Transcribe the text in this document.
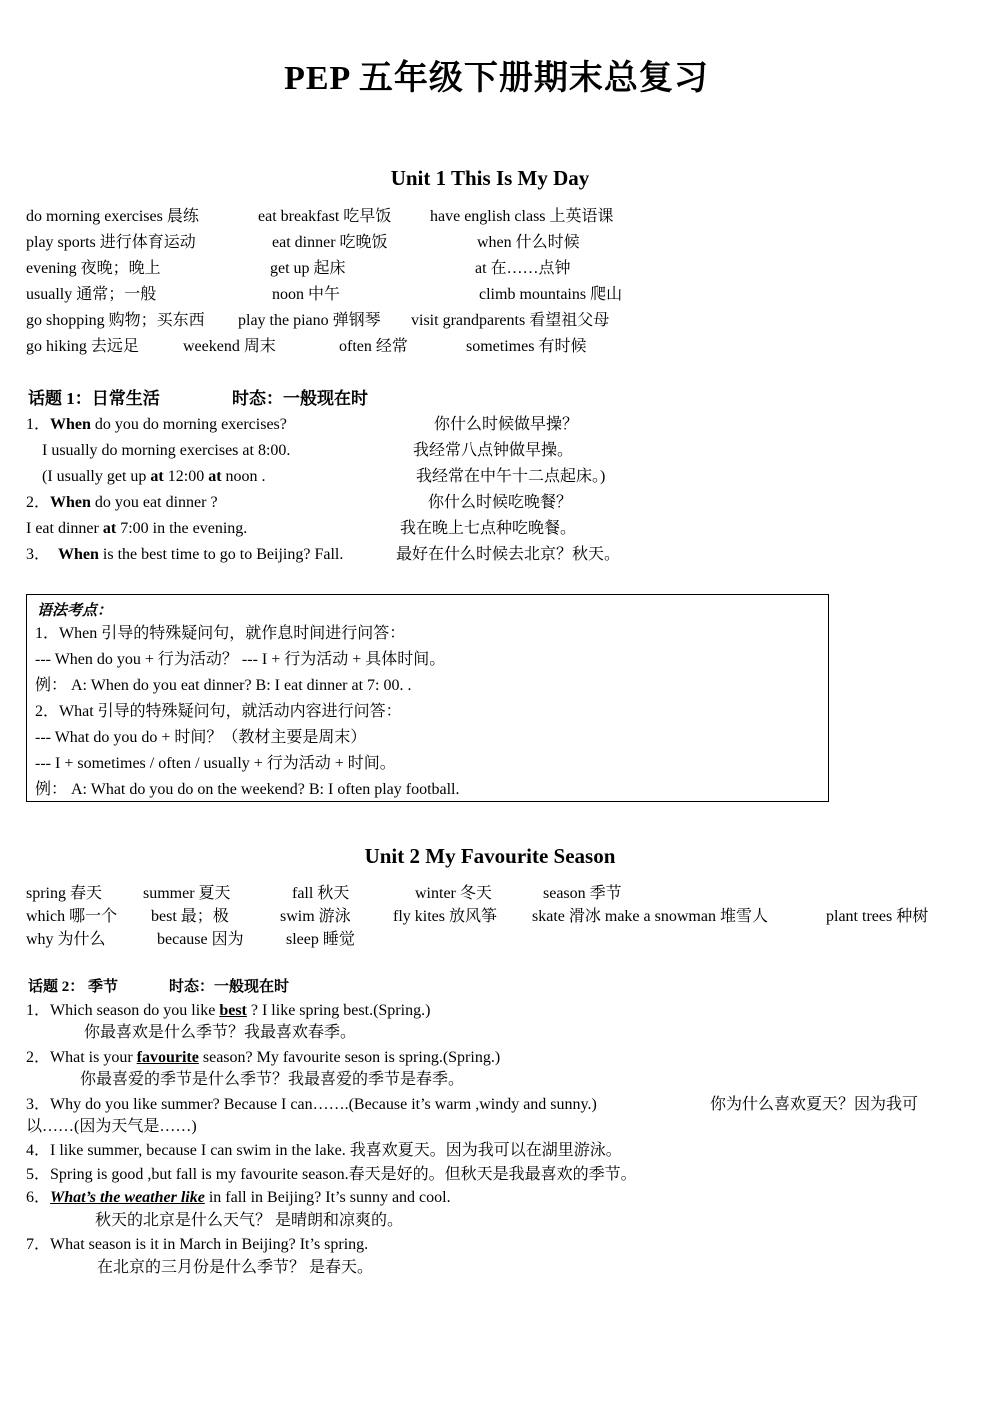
PEP 五年级下册期末总复习
Unit 1 This Is My Day
do morning exercises 晨练	eat breakfast 吃早饭 have english class 上英语课
play sports 进行体育运动	eat dinner 吃晚饭	when 什么时候
evening 夜晚；晚上	get up 起床	at 在……点钟
usually 通常；一般	noon 中午	climb mountains 爬山
go shopping 购物；买东西 play the piano 弹钢琴 visit grandparents 看望祖父母
go hiking 去远足	weekend 周末	often 经常	sometimes 有时候
话题 1：日常生活	时态：一般现在时
1．When do you do morning exercises?	你什么时候做早操？
I usually do morning exercises at 8:00.	我经常八点钟做早操。
(I usually get up at 12:00 at noon .	我经常在中午十二点起床。)
2．When do you eat dinner ?	你什么时候吃晚餐？
I eat dinner at 7:00 in the evening.	我在晚上七点种吃晚餐。
3． When is the best time to go to Beijing? Fall.	最好在什么时候去北京？秋天。
语法考点：
1．When 引导的特殊疑问句，就作息时间进行问答：
--- When do you + 行为活动？ --- I + 行为活动 + 具体时间。
例： A: When do you eat dinner? B: I eat dinner at 7: 00. .
2．What 引导的特殊疑问句，就活动内容进行问答：
--- What do you do + 时间？（教材主要是周末）
--- I + sometimes / often / usually + 行为活动 + 时间。
例： A: What do you do on the weekend? B: I often play football.
Unit 2 My Favourite Season
spring 春天	summer 夏天	fall 秋天	winter 冬天	season 季节
which 哪一个 best 最；极	swim 游泳	fly kites 放风筝 skate 滑冰 make a snowman 堆雪人	plant trees 种树
why 为什么	because 因为	sleep 睡觉
话题 2： 季节	时态：一般现在时
1．Which season do you like best ? I like spring best.(Spring.)
你最喜欢是什么季节？我最喜欢春季。
2．What is your favourite season? My favourite seson is spring.(Spring.)
你最喜爱的季节是什么季节？我最喜爱的季节是春季。
3．Why do you like summer? Because I can…….(Because it’s warm ,windy and sunny.)	你为什么喜欢夏天？因为我可
以……(因为天气是……)
4．I like summer, because I can swim in the lake. 我喜欢夏天。因为我可以在湖里游泳。
5．Spring is good ,but fall is my favourite season.春天是好的。但秋天是我最喜欢的季节。
6．What’s the weather like in fall in Beijing? It’s sunny and cool.
秋天的北京是什么天气？ 是晴朗和凉爽的。
7．What season is it in March in Beijing? It’s spring.
在北京的三月份是什么季节？ 是春天。
